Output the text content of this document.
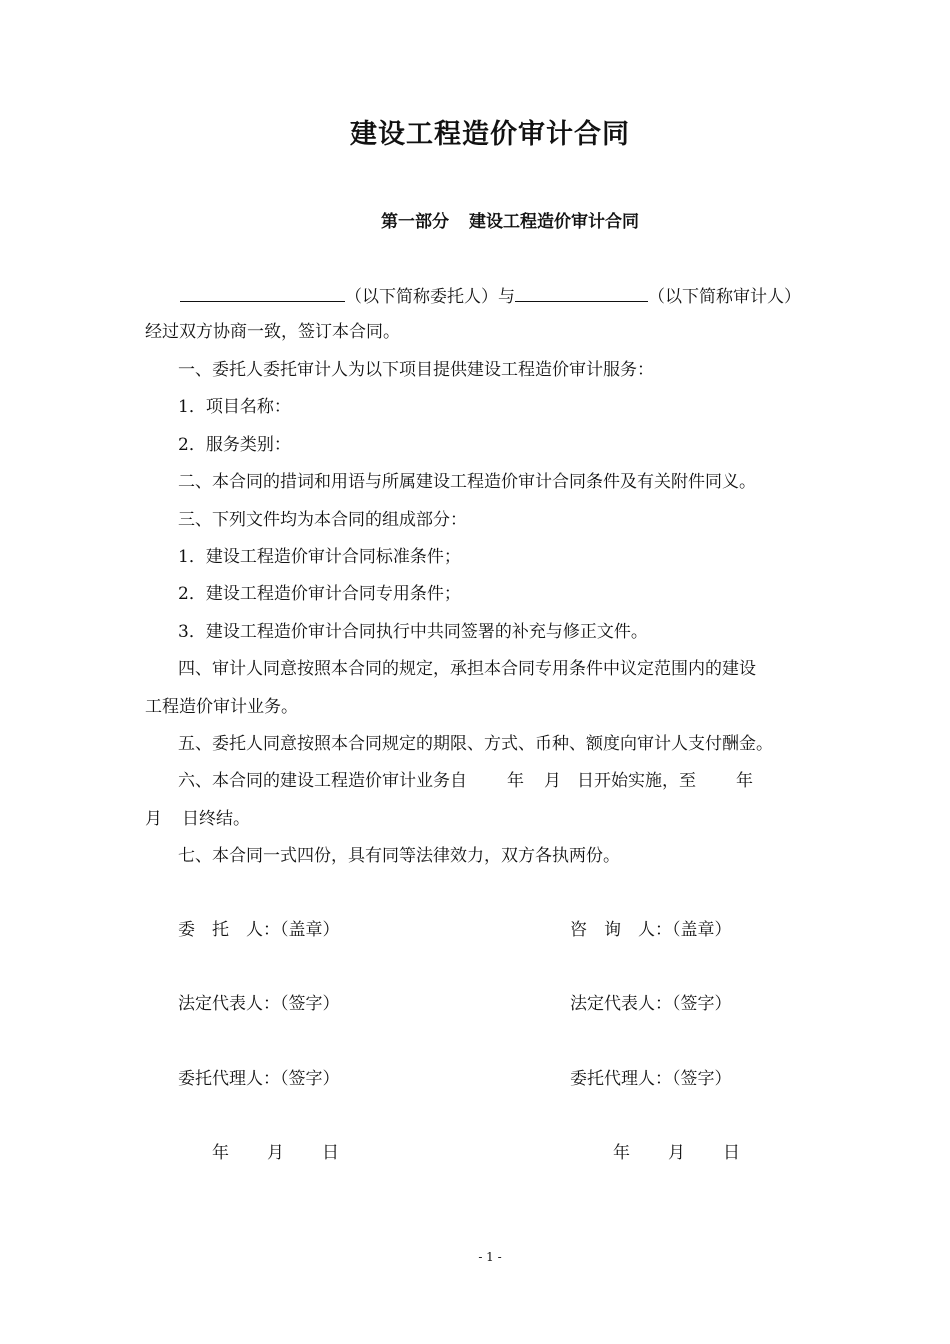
建设工程造价审计合同
第一部分 建设工程造价审计合同
（以下简称委托人）与	（以下简称审计人）
经过双方协商一致，签订本合同。
一、委托人委托审计人为以下项目提供建设工程造价审计服务：
1．项目名称：
2．服务类别：
二、本合同的措词和用语与所属建设工程造价审计合同条件及有关附件同义。
三、下列文件均为本合同的组成部分：
1．建设工程造价审计合同标准条件；
2．建设工程造价审计合同专用条件；
3．建设工程造价审计合同执行中共同签署的补充与修正文件。
四、审计人同意按照本合同的规定，承担本合同专用条件中议定范围内的建设
工程造价审计业务。
五、委托人同意按照本合同规定的期限、方式、币种、额度向审计人支付酬金。
六、本合同的建设工程造价审计业务自 年 月 日开始实施，至 年
月 日终结。
七、本合同一式四份，具有同等法律效力，双方各执两份。
委　托　人：（盖章）	咨　询　人：（盖章）
法定代表人：（签字）	法定代表人：（签字）
委托代理人：（签字）	委托代理人：（签字）
年 月 日	年 月 日
- 1 -
